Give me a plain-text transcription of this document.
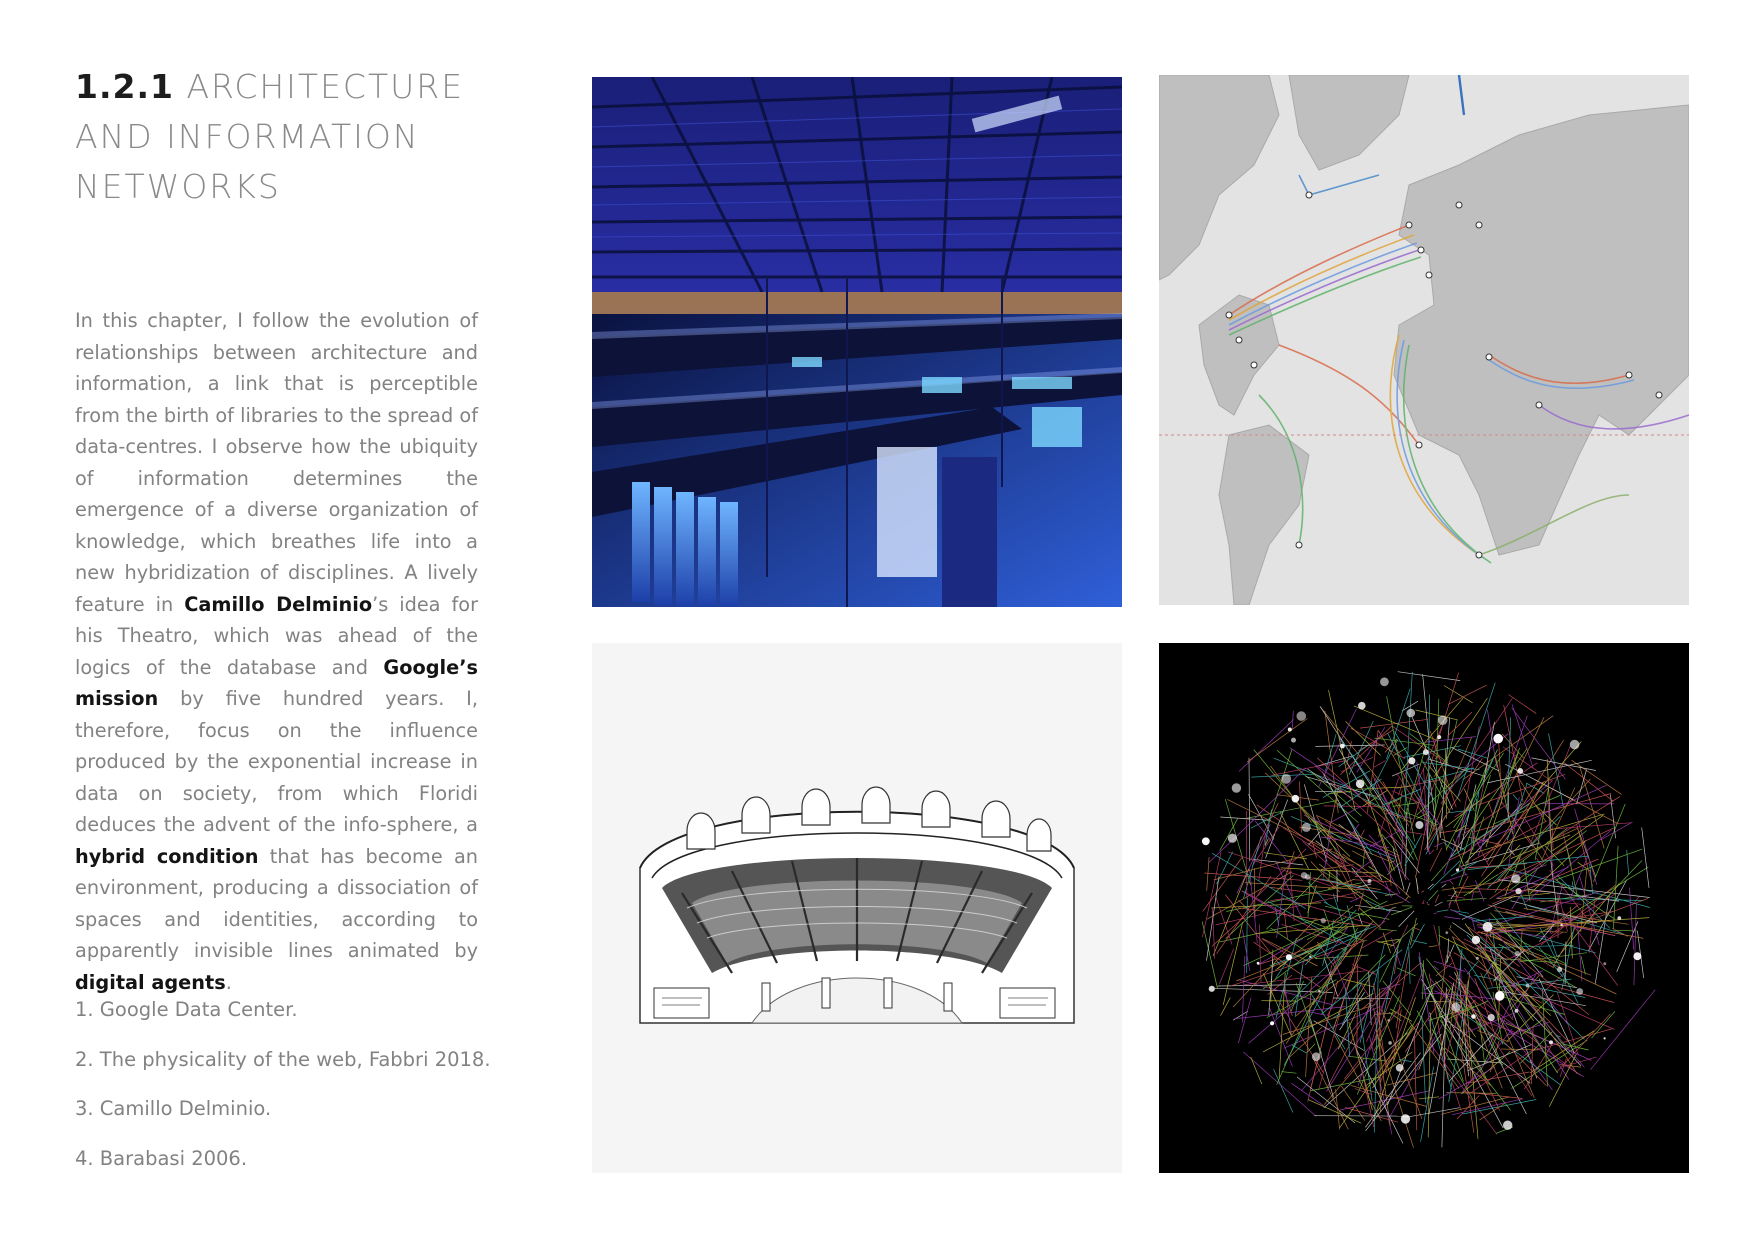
1.2.1 ARCHITECTURE AND INFORMATION NETWORKS
In this chapter, I follow the evolution of relationships between architecture and information, a link that is perceptible from the birth of libraries to the spread of data-centres. I observe how the ubiquity of information determines the emergence of a diverse organization of knowledge, which breathes life into a new hybridization of disciplines. A lively feature in Camillo Delminio’s idea for his Theatro, which was ahead of the logics of the database and Google’s mission by five hundred years. I, therefore, focus on the influence produced by the exponential increase in data on society, from which Floridi deduces the advent of the info-sphere, a hybrid condition that has become an environment, producing a dissociation of spaces and identities, according to apparently invisible lines animated by digital agents.
1. Google Data Center.
2. The physicality of the web, Fabbri 2018.
3. Camillo Delminio.
4. Barabasi 2006.
